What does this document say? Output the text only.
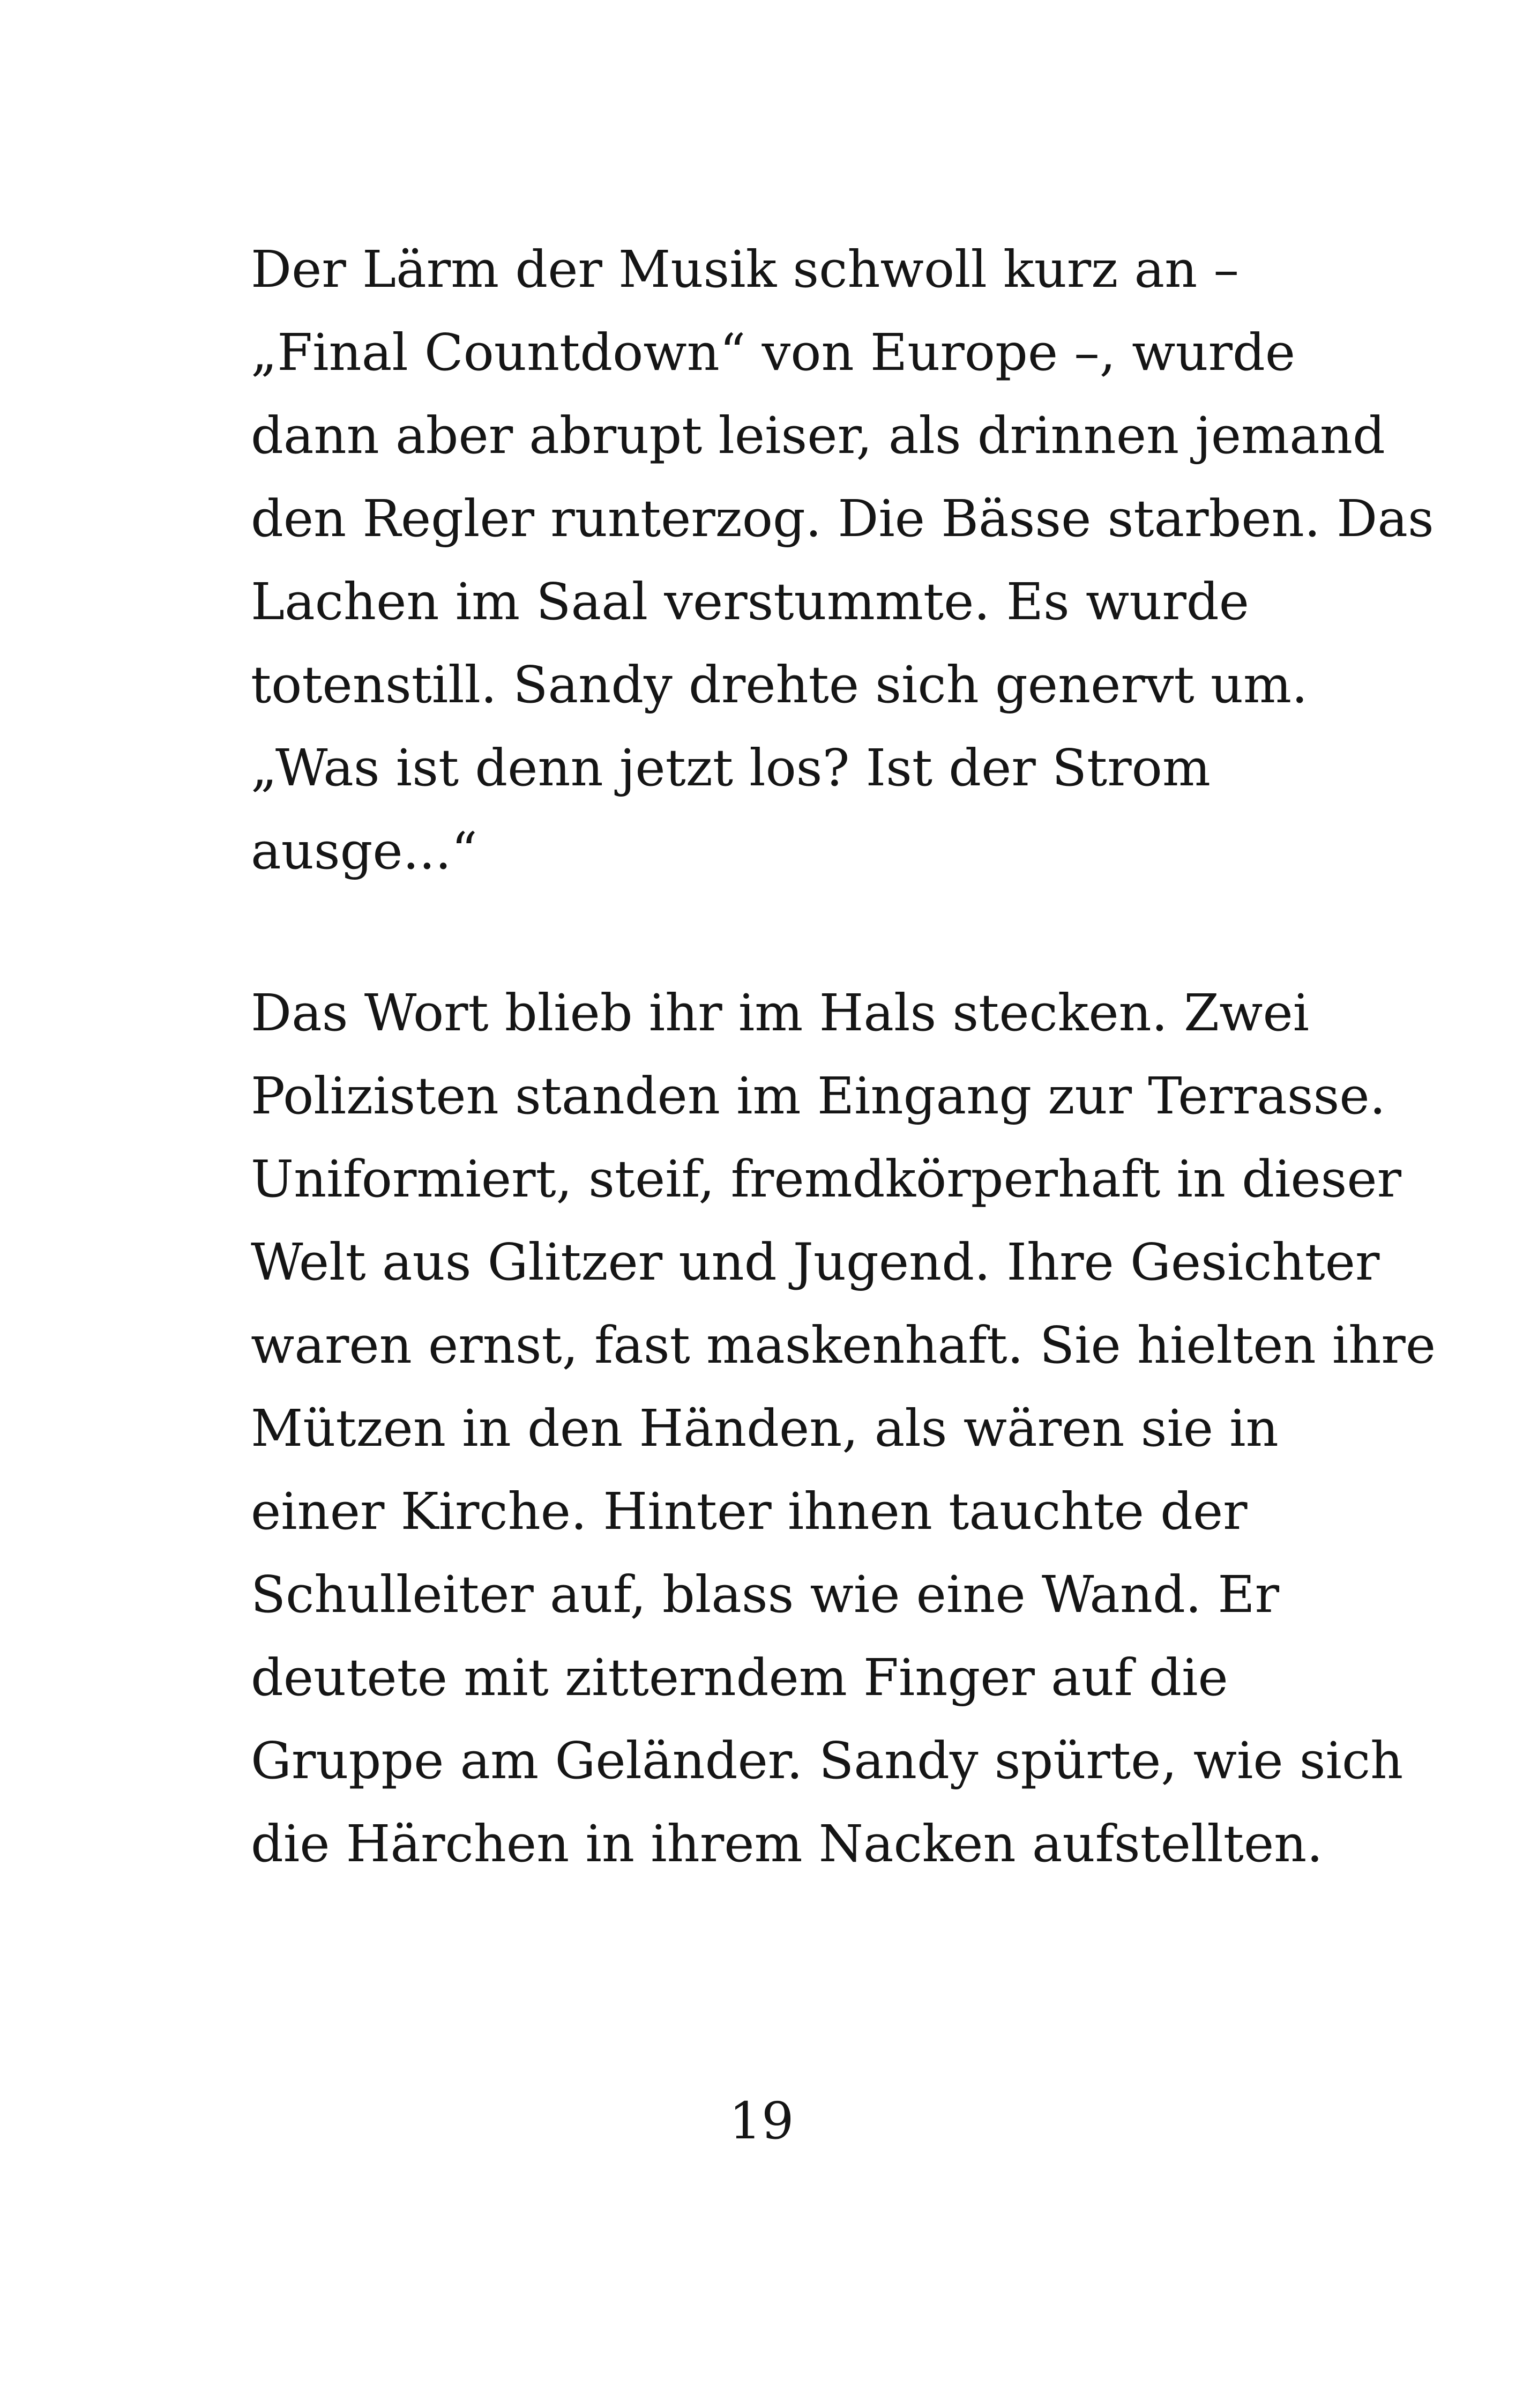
Der Lärm der Musik schwoll kurz an –
„Final Countdown“ von Europe –, wurde
dann aber abrupt leiser, als drinnen jemand
den Regler runterzog. Die Bässe starben. Das
Lachen im Saal verstummte. Es wurde
totenstill. Sandy drehte sich genervt um.
„Was ist denn jetzt los? Ist der Strom
ausge...“
Das Wort blieb ihr im Hals stecken. Zwei
Polizisten standen im Eingang zur Terrasse.
Uniformiert, steif, fremdkörperhaft in dieser
Welt aus Glitzer und Jugend. Ihre Gesichter
waren ernst, fast maskenhaft. Sie hielten ihre
Mützen in den Händen, als wären sie in
einer Kirche. Hinter ihnen tauchte der
Schulleiter auf, blass wie eine Wand. Er
deutete mit zitterndem Finger auf die
Gruppe am Geländer. Sandy spürte, wie sich
die Härchen in ihrem Nacken aufstellten.
19
